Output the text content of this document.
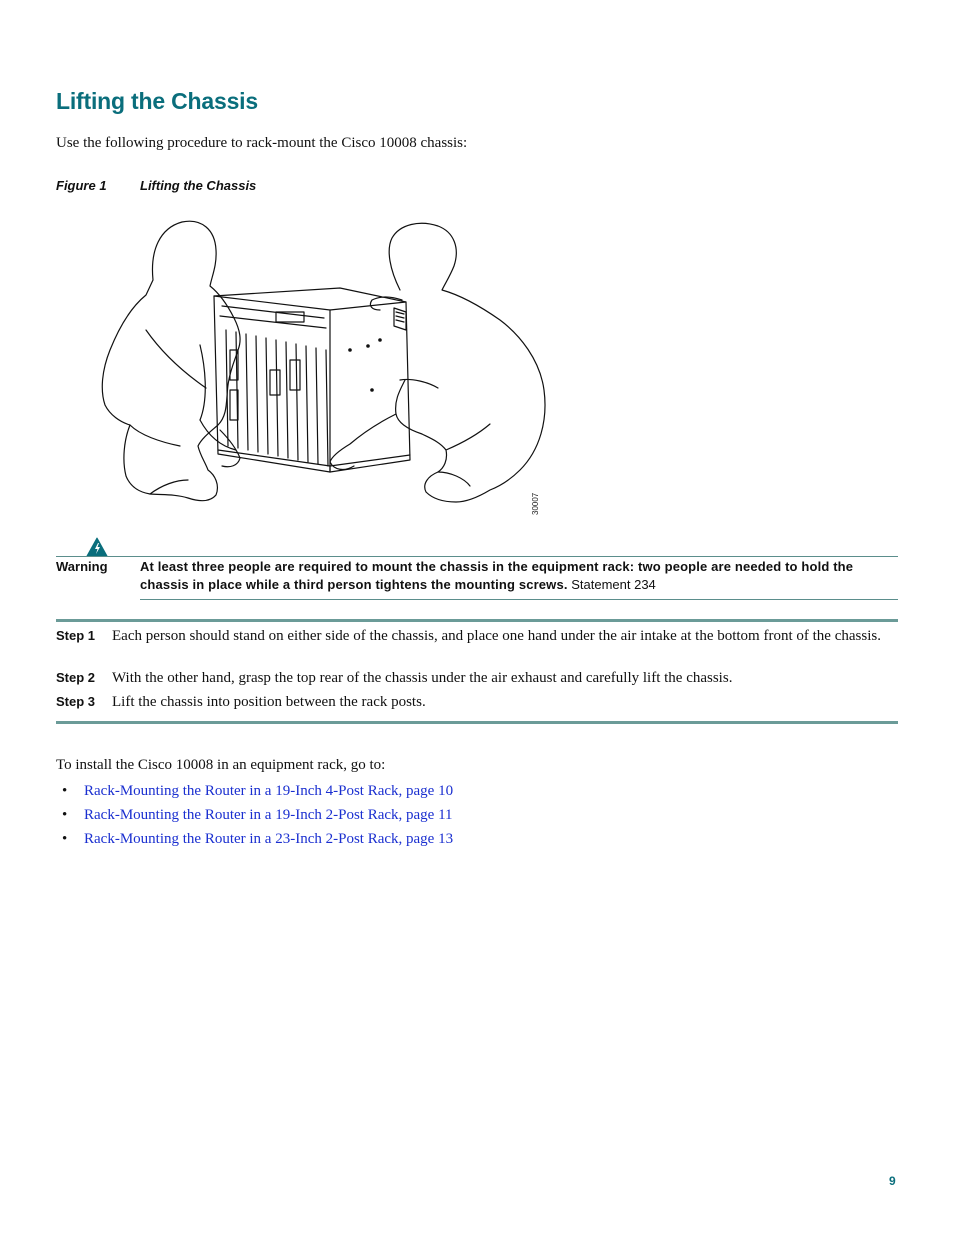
Lifting the Chassis

Use the following procedure to rack-mount the Cisco 10008 chassis:

Figure 1	Lifting the Chassis
30007
Warning At least three people are required to mount the chassis in the equipment rack: two people are needed to hold the chassis in place while a third person tightens the mounting screws. Statement 234

Step 1 Each person should stand on either side of the chassis, and place one hand under the air intake at the bottom front of the chassis.

Step 2 With the other hand, grasp the top rear of the chassis under the air exhaust and carefully lift the chassis.

Step 3 Lift the chassis into position between the rack posts.

To install the Cisco 10008 in an equipment rack, go to:

• Rack-Mounting the Router in a 19-Inch 4-Post Rack, page 10
• Rack-Mounting the Router in a 19-Inch 2-Post Rack, page 11
• Rack-Mounting the Router in a 23-Inch 2-Post Rack, page 13
9
